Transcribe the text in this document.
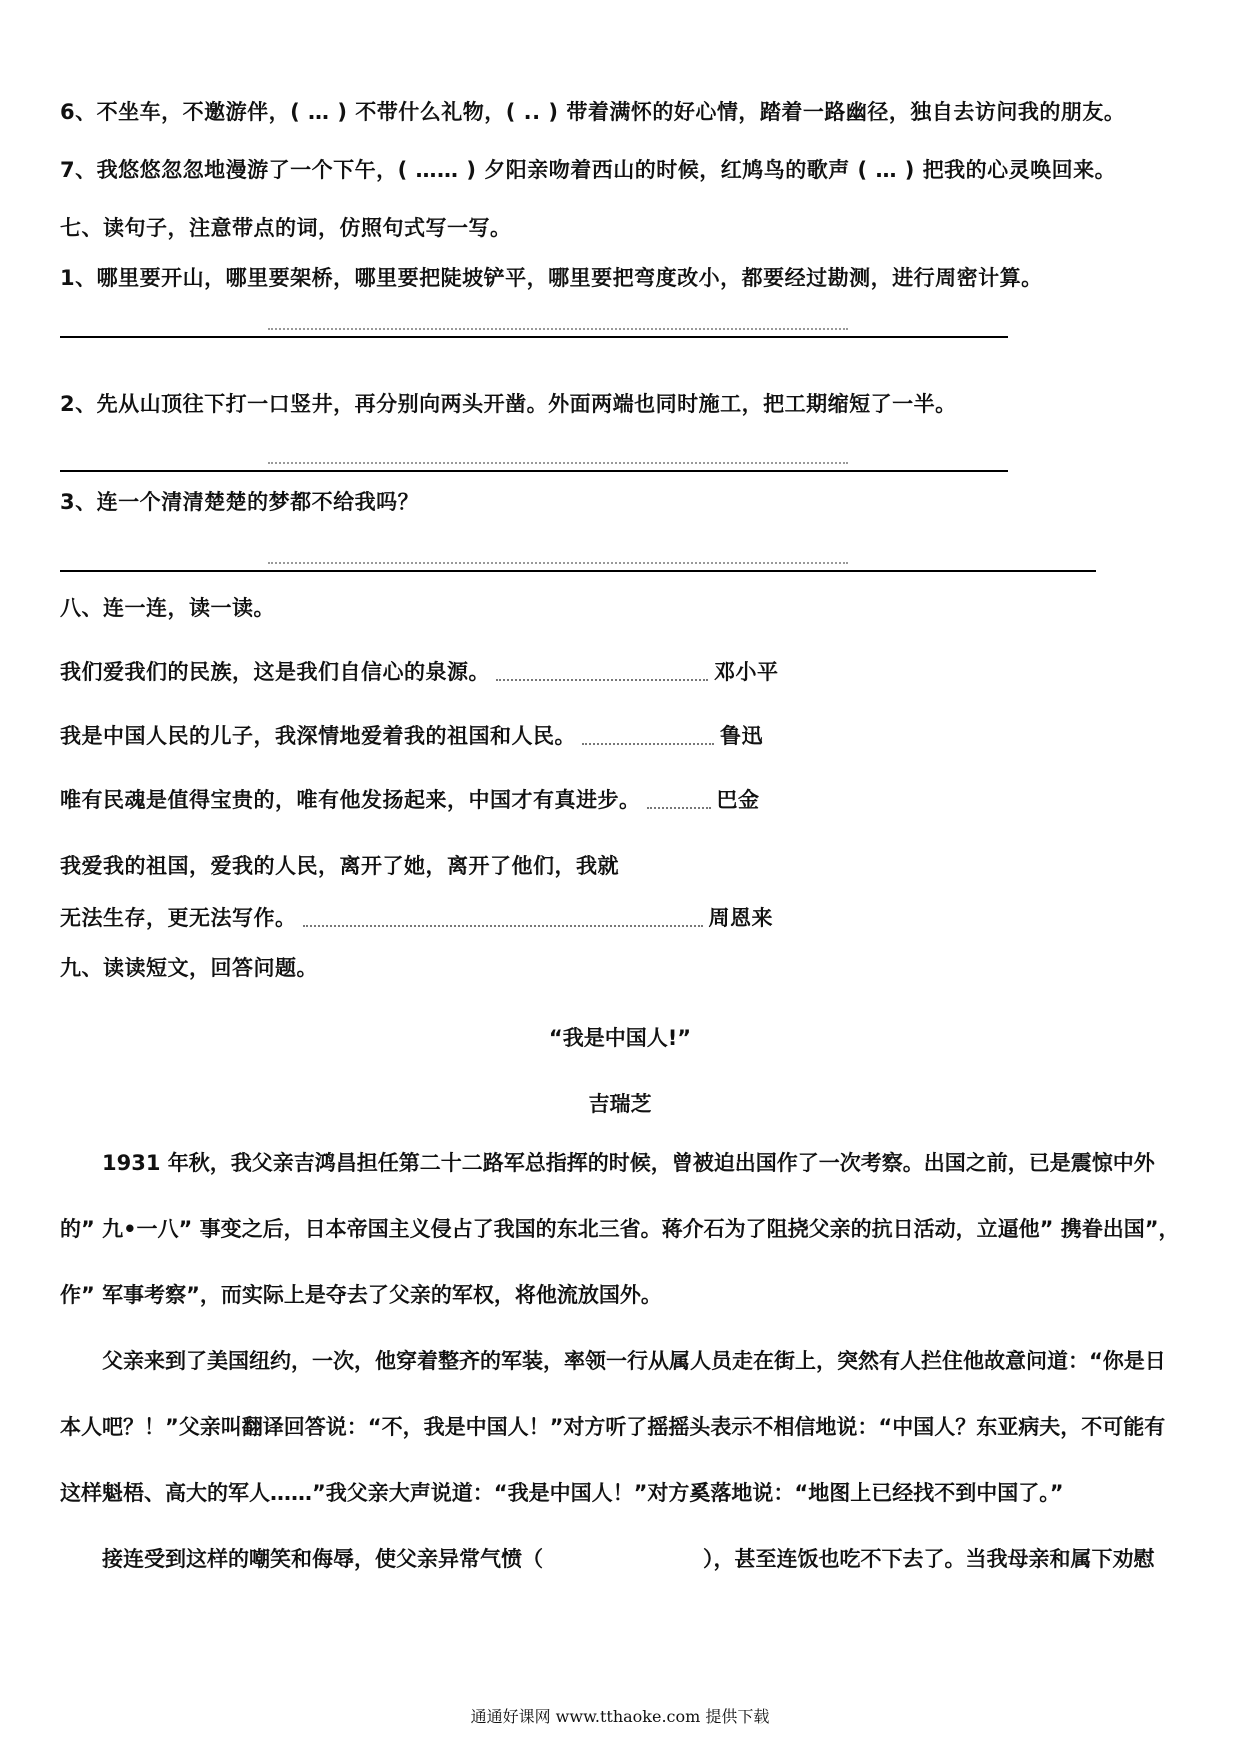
6、不坐车，不邀游伴，( … ) 不带什么礼物，( .. ) 带着满怀的好心情，踏着一路幽径，独自去访问我的朋友。
7、我悠悠忽忽地漫游了一个下午，( …… ) 夕阳亲吻着西山的时候，红鸠鸟的歌声 ( … ) 把我的心灵唤回来。
七、读句子，注意带点的词，仿照句式写一写。
1、哪里要开山，哪里要架桥，哪里要把陡坡铲平，哪里要把弯度改小，都要经过勘测，进行周密计算。
2、先从山顶往下打一口竖井，再分别向两头开凿。外面两端也同时施工，把工期缩短了一半。
3、连一个清清楚楚的梦都不给我吗？
八、连一连，读一读。
我们爱我们的民族，这是我们自信心的泉源。	邓小平
我是中国人民的儿子，我深情地爱着我的祖国和人民。	鲁迅
唯有民魂是值得宝贵的，唯有他发扬起来，中国才有真进步。	巴金
我爱我的祖国，爱我的人民，离开了她，离开了他们，我就
无法生存，更无法写作。	周恩来
九、读读短文，回答问题。
“我是中国人!”
吉瑞芝

1931 年秋，我父亲吉鸿昌担任第二十二路军总指挥的时候，曾被迫出国作了一次考察。出国之前，已是震惊中外的” 九•一八” 事变之后，日本帝国主义侵占了我国的东北三省。蒋介石为了阻挠父亲的抗日活动，立逼他” 携眷出国”，作” 军事考察”，而实际上是夺去了父亲的军权，将他流放国外。

父亲来到了美国纽约，一次，他穿着整齐的军装，率领一行从属人员走在街上，突然有人拦住他故意问道：“你是日本人吧？！”父亲叫翻译回答说：“不，我是中国人！”对方听了摇摇头表示不相信地说：“中国人？东亚病夫，不可能有这样魁梧、高大的军人……”我父亲大声说道：“我是中国人！”对方奚落地说：“地图上已经找不到中国了。”

接连受到这样的嘲笑和侮辱，使父亲异常气愤（	），甚至连饭也吃不下去了。当我母亲和属下劝慰

通通好课网 www.tthaoke.com 提供下载
